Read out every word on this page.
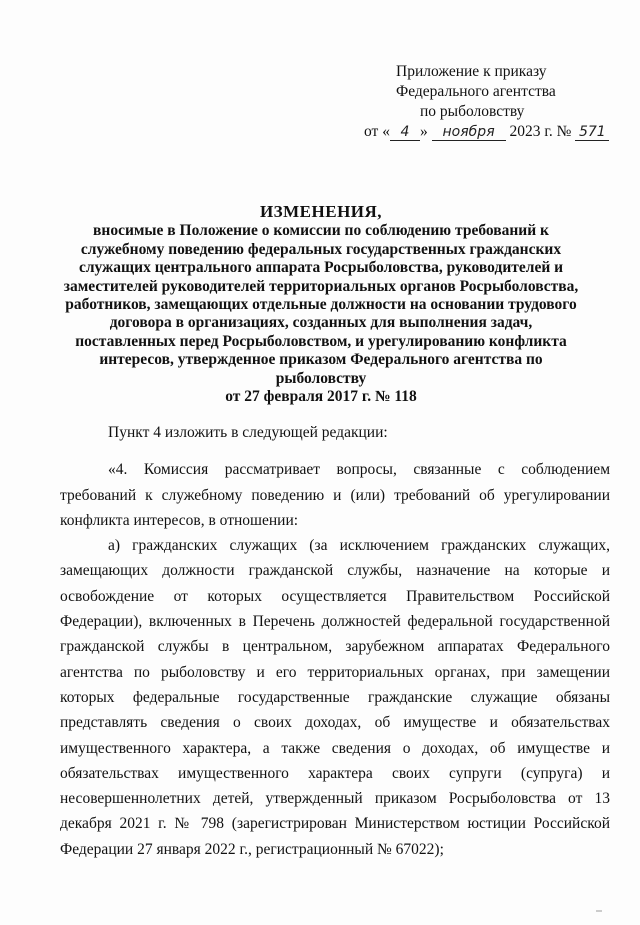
Приложение к приказу
Федерального агентства
по рыболовству
от « 4 » ноября 2023 г. № 571
ИЗМЕНЕНИЯ,
вносимые в Положение о комиссии по соблюдению требований к служебному поведению федеральных государственных гражданских служащих центрального аппарата Росрыболовства, руководителей и заместителей руководителей территориальных органов Росрыболовства, работников, замещающих отдельные должности на основании трудового договора в организациях, созданных для выполнения задач, поставленных перед Росрыболовством, и урегулированию конфликта интересов, утвержденное приказом Федерального агентства по рыболовству
от 27 февраля 2017 г. № 118

Пункт 4 изложить в следующей редакции:

«4. Комиссия рассматривает вопросы, связанные с соблюдением требований к служебному поведению и (или) требований об урегулировании конфликта интересов, в отношении:

а) гражданских служащих (за исключением гражданских служащих, замещающих должности гражданской службы, назначение на которые и освобождение от которых осуществляется Правительством Российской Федерации), включенных в Перечень должностей федеральной государственной гражданской службы в центральном, зарубежном аппаратах Федерального агентства по рыболовству и его территориальных органах, при замещении которых федеральные государственные гражданские служащие обязаны представлять сведения о своих доходах, об имуществе и обязательствах имущественного характера, а также сведения о доходах, об имуществе и обязательствах имущественного характера своих супруги (супруга) и несовершеннолетних детей, утвержденный приказом Росрыболовства от 13 декабря 2021 г. № 798 (зарегистрирован Министерством юстиции Российской Федерации 27 января 2022 г., регистрационный № 67022);
